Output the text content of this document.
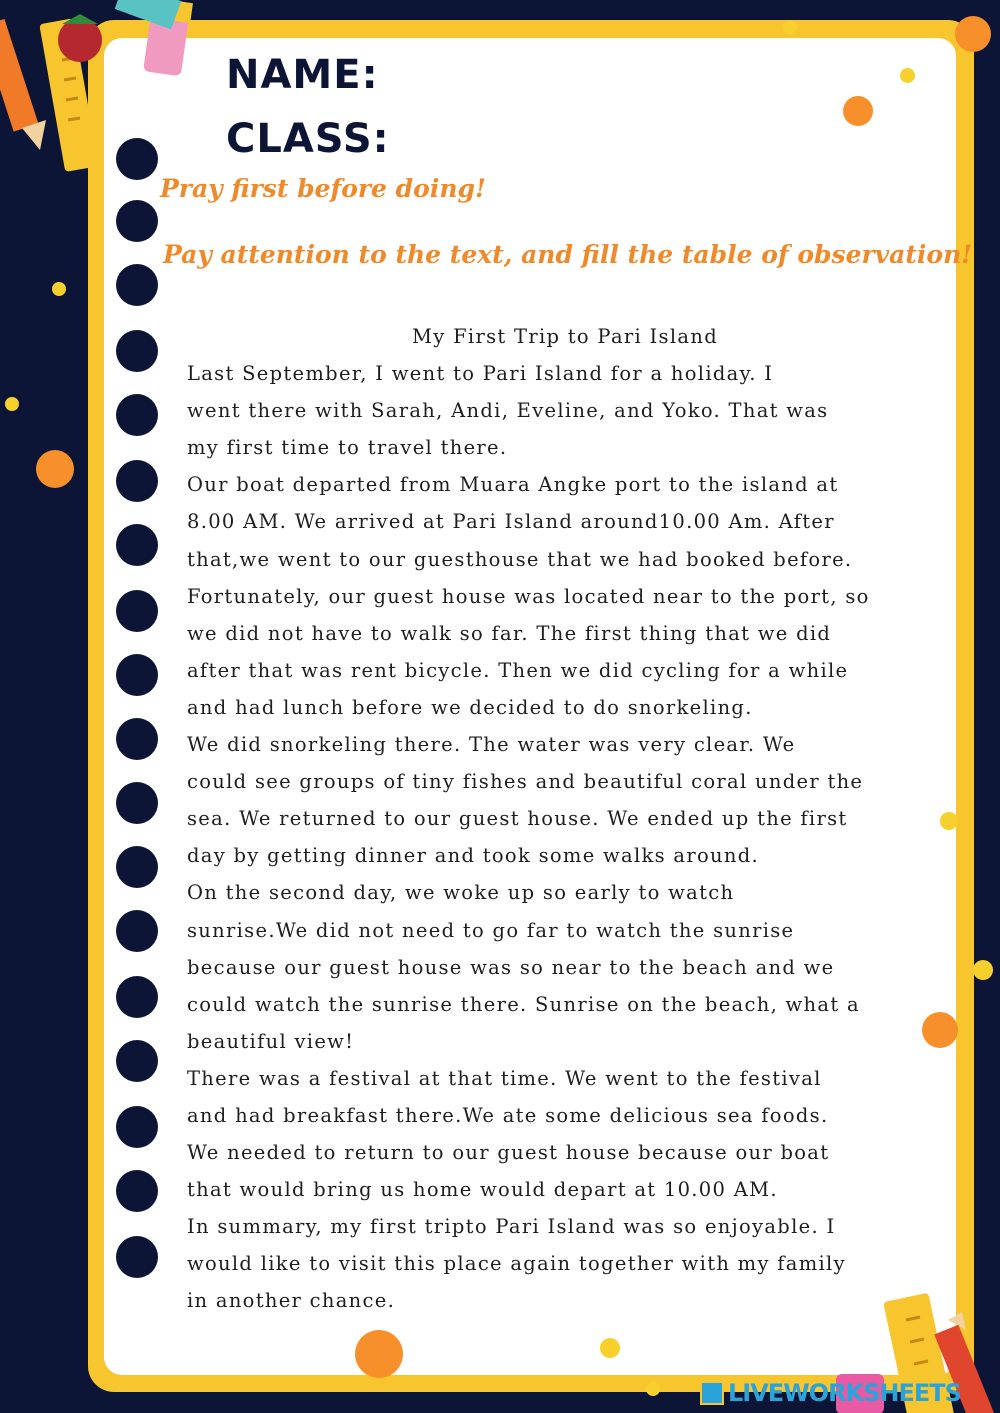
NAME:
CLASS:
Pray first before doing!
Pay attention to the text, and fill the table of observation!
My First Trip to Pari Island
Last September, I went to Pari Island for a holiday. I
went there with Sarah, Andi, Eveline, and Yoko. That was
my first time to travel there.
Our boat departed from Muara Angke port to the island at
8.00 AM. We arrived at Pari Island around10.00 Am. After
that,we went to our guesthouse that we had booked before.
Fortunately, our guest house was located near to the port, so
we did not have to walk so far. The first thing that we did
after that was rent bicycle. Then we did cycling for a while
and had lunch before we decided to do snorkeling.
We did snorkeling there. The water was very clear. We
could see groups of tiny fishes and beautiful coral under the
sea. We returned to our guest house. We ended up the first
day by getting dinner and took some walks around.
On the second day, we woke up so early to watch
sunrise.We did not need to go far to watch the sunrise
because our guest house was so near to the beach and we
could watch the sunrise there. Sunrise on the beach, what a
beautiful view!
There was a festival at that time. We went to the festival
and had breakfast there.We ate some delicious sea foods.
We needed to return to our guest house because our boat
that would bring us home would depart at 10.00 AM.
In summary, my first tripto Pari Island was so enjoyable. I
would like to visit this place again together with my family
in another chance.
LIVEWORKSHEETS
